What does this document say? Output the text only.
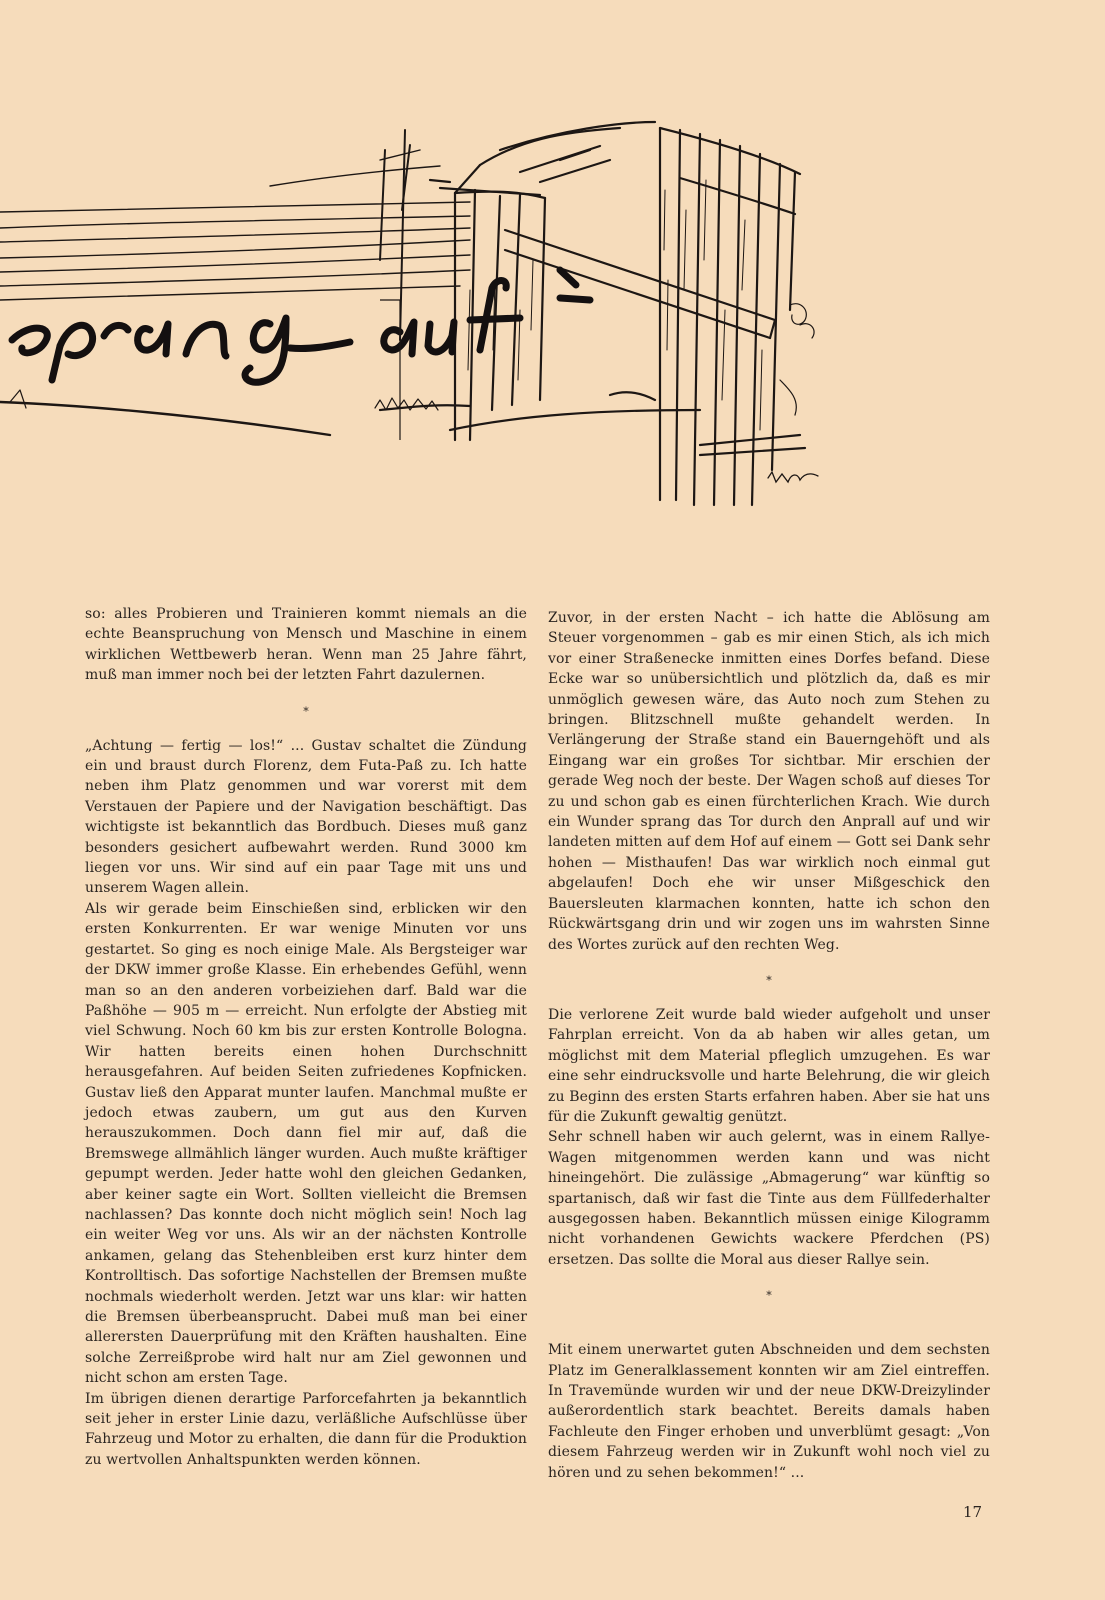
so: alles Probieren und Trainieren kommt niemals an die echte Beanspruchung von Mensch und Maschine in einem wirklichen Wettbewerb heran. Wenn man 25 Jahre fährt, muß man immer noch bei der letzten Fahrt dazulernen.

*

„Achtung — fertig — los!“ ... Gustav schaltet die Zündung ein und braust durch Florenz, dem Futa-Paß zu. Ich hatte neben ihm Platz genommen und war vorerst mit dem Verstauen der Papiere und der Navigation beschäftigt. Das wichtigste ist bekanntlich das Bordbuch. Dieses muß ganz besonders gesichert aufbewahrt werden. Rund 3000 km liegen vor uns. Wir sind auf ein paar Tage mit uns und unserem Wagen allein.

Als wir gerade beim Einschießen sind, erblicken wir den ersten Konkurrenten. Er war wenige Minuten vor uns gestartet. So ging es noch einige Male. Als Bergsteiger war der DKW immer große Klasse. Ein erhebendes Gefühl, wenn man so an den anderen vorbeiziehen darf. Bald war die Paßhöhe — 905 m — erreicht. Nun erfolgte der Abstieg mit viel Schwung. Noch 60 km bis zur ersten Kontrolle Bologna. Wir hatten bereits einen hohen Durchschnitt herausgefahren. Auf beiden Seiten zufriedenes Kopfnicken. Gustav ließ den Apparat munter laufen. Manchmal mußte er jedoch etwas zaubern, um gut aus den Kurven herauszukommen. Doch dann fiel mir auf, daß die Bremswege allmählich länger wurden. Auch mußte kräftiger gepumpt werden. Jeder hatte wohl den gleichen Gedanken, aber keiner sagte ein Wort. Sollten vielleicht die Bremsen nachlassen? Das konnte doch nicht möglich sein! Noch lag ein weiter Weg vor uns. Als wir an der nächsten Kontrolle ankamen, gelang das Stehenbleiben erst kurz hinter dem Kontrolltisch. Das sofortige Nachstellen der Bremsen mußte nochmals wiederholt werden. Jetzt war uns klar: wir hatten die Bremsen überbeansprucht. Dabei muß man bei einer allerersten Dauerprüfung mit den Kräften haushalten. Eine solche Zerreißprobe wird halt nur am Ziel gewonnen und nicht schon am ersten Tage.

Im übrigen dienen derartige Parforcefahrten ja bekanntlich seit jeher in erster Linie dazu, verläßliche Aufschlüsse über Fahrzeug und Motor zu erhalten, die dann für die Produktion zu wertvollen Anhaltspunkten werden können.

Zuvor, in der ersten Nacht – ich hatte die Ablösung am Steuer vorgenommen – gab es mir einen Stich, als ich mich vor einer Straßenecke inmitten eines Dorfes befand. Diese Ecke war so unübersichtlich und plötzlich da, daß es mir unmöglich gewesen wäre, das Auto noch zum Stehen zu bringen. Blitzschnell mußte gehandelt werden. In Verlängerung der Straße stand ein Bauerngehöft und als Eingang war ein großes Tor sichtbar. Mir erschien der gerade Weg noch der beste. Der Wagen schoß auf dieses Tor zu und schon gab es einen fürchterlichen Krach. Wie durch ein Wunder sprang das Tor durch den Anprall auf und wir landeten mitten auf dem Hof auf einem — Gott sei Dank sehr hohen — Misthaufen! Das war wirklich noch einmal gut abgelaufen! Doch ehe wir unser Mißgeschick den Bauersleuten klarmachen konnten, hatte ich schon den Rückwärtsgang drin und wir zogen uns im wahrsten Sinne des Wortes zurück auf den rechten Weg.

*

Die verlorene Zeit wurde bald wieder aufgeholt und unser Fahrplan erreicht. Von da ab haben wir alles getan, um möglichst mit dem Material pfleglich umzugehen. Es war eine sehr eindrucksvolle und harte Belehrung, die wir gleich zu Beginn des ersten Starts erfahren haben. Aber sie hat uns für die Zukunft gewaltig genützt.

Sehr schnell haben wir auch gelernt, was in einem Rallye-Wagen mitgenommen werden kann und was nicht hineingehört. Die zulässige „Abmagerung“ war künftig so spartanisch, daß wir fast die Tinte aus dem Füllfederhalter ausgegossen haben. Bekanntlich müssen einige Kilogramm nicht vorhandenen Gewichts wackere Pferdchen (PS) ersetzen. Das sollte die Moral aus dieser Rallye sein.

*

Mit einem unerwartet guten Abschneiden und dem sechsten Platz im Generalklassement konnten wir am Ziel eintreffen. In Travemünde wurden wir und der neue DKW-Dreizylinder außerordentlich stark beachtet. Bereits damals haben Fachleute den Finger erhoben und unverblümt gesagt: „Von diesem Fahrzeug werden wir in Zukunft wohl noch viel zu hören und zu sehen bekommen!“ ...

17
